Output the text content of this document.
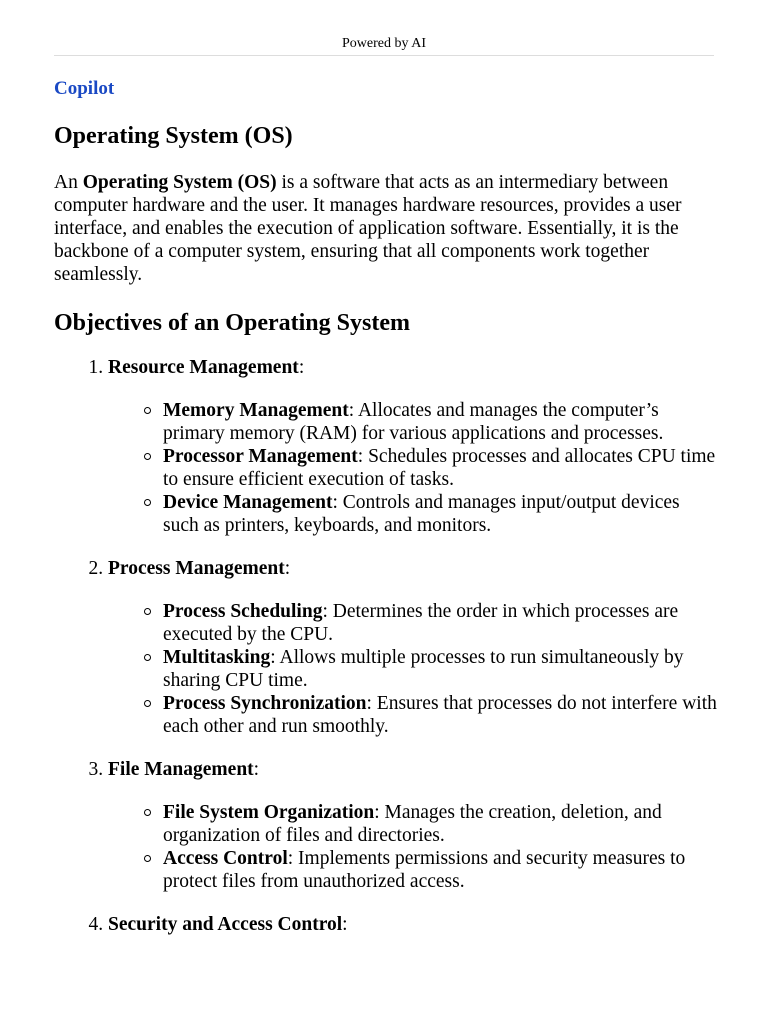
Powered by AI
Copilot
Operating System (OS)

An Operating System (OS) is a software that acts as an intermediary between computer hardware and the user. It manages hardware resources, provides a user interface, and enables the execution of application software. Essentially, it is the backbone of a computer system, ensuring that all components work together seamlessly.

Objectives of an Operating System
1. Resource Management:
Memory Management: Allocates and manages the computer’s primary memory (RAM) for various applications and processes.
Processor Management: Schedules processes and allocates CPU time to ensure efficient execution of tasks.
Device Management: Controls and manages input/output devices such as printers, keyboards, and monitors.
2. Process Management:
Process Scheduling: Determines the order in which processes are executed by the CPU.
Multitasking: Allows multiple processes to run simultaneously by sharing CPU time.
Process Synchronization: Ensures that processes do not interfere with each other and run smoothly.
3. File Management:
File System Organization: Manages the creation, deletion, and organization of files and directories.
Access Control: Implements permissions and security measures to protect files from unauthorized access.
4. Security and Access Control:
